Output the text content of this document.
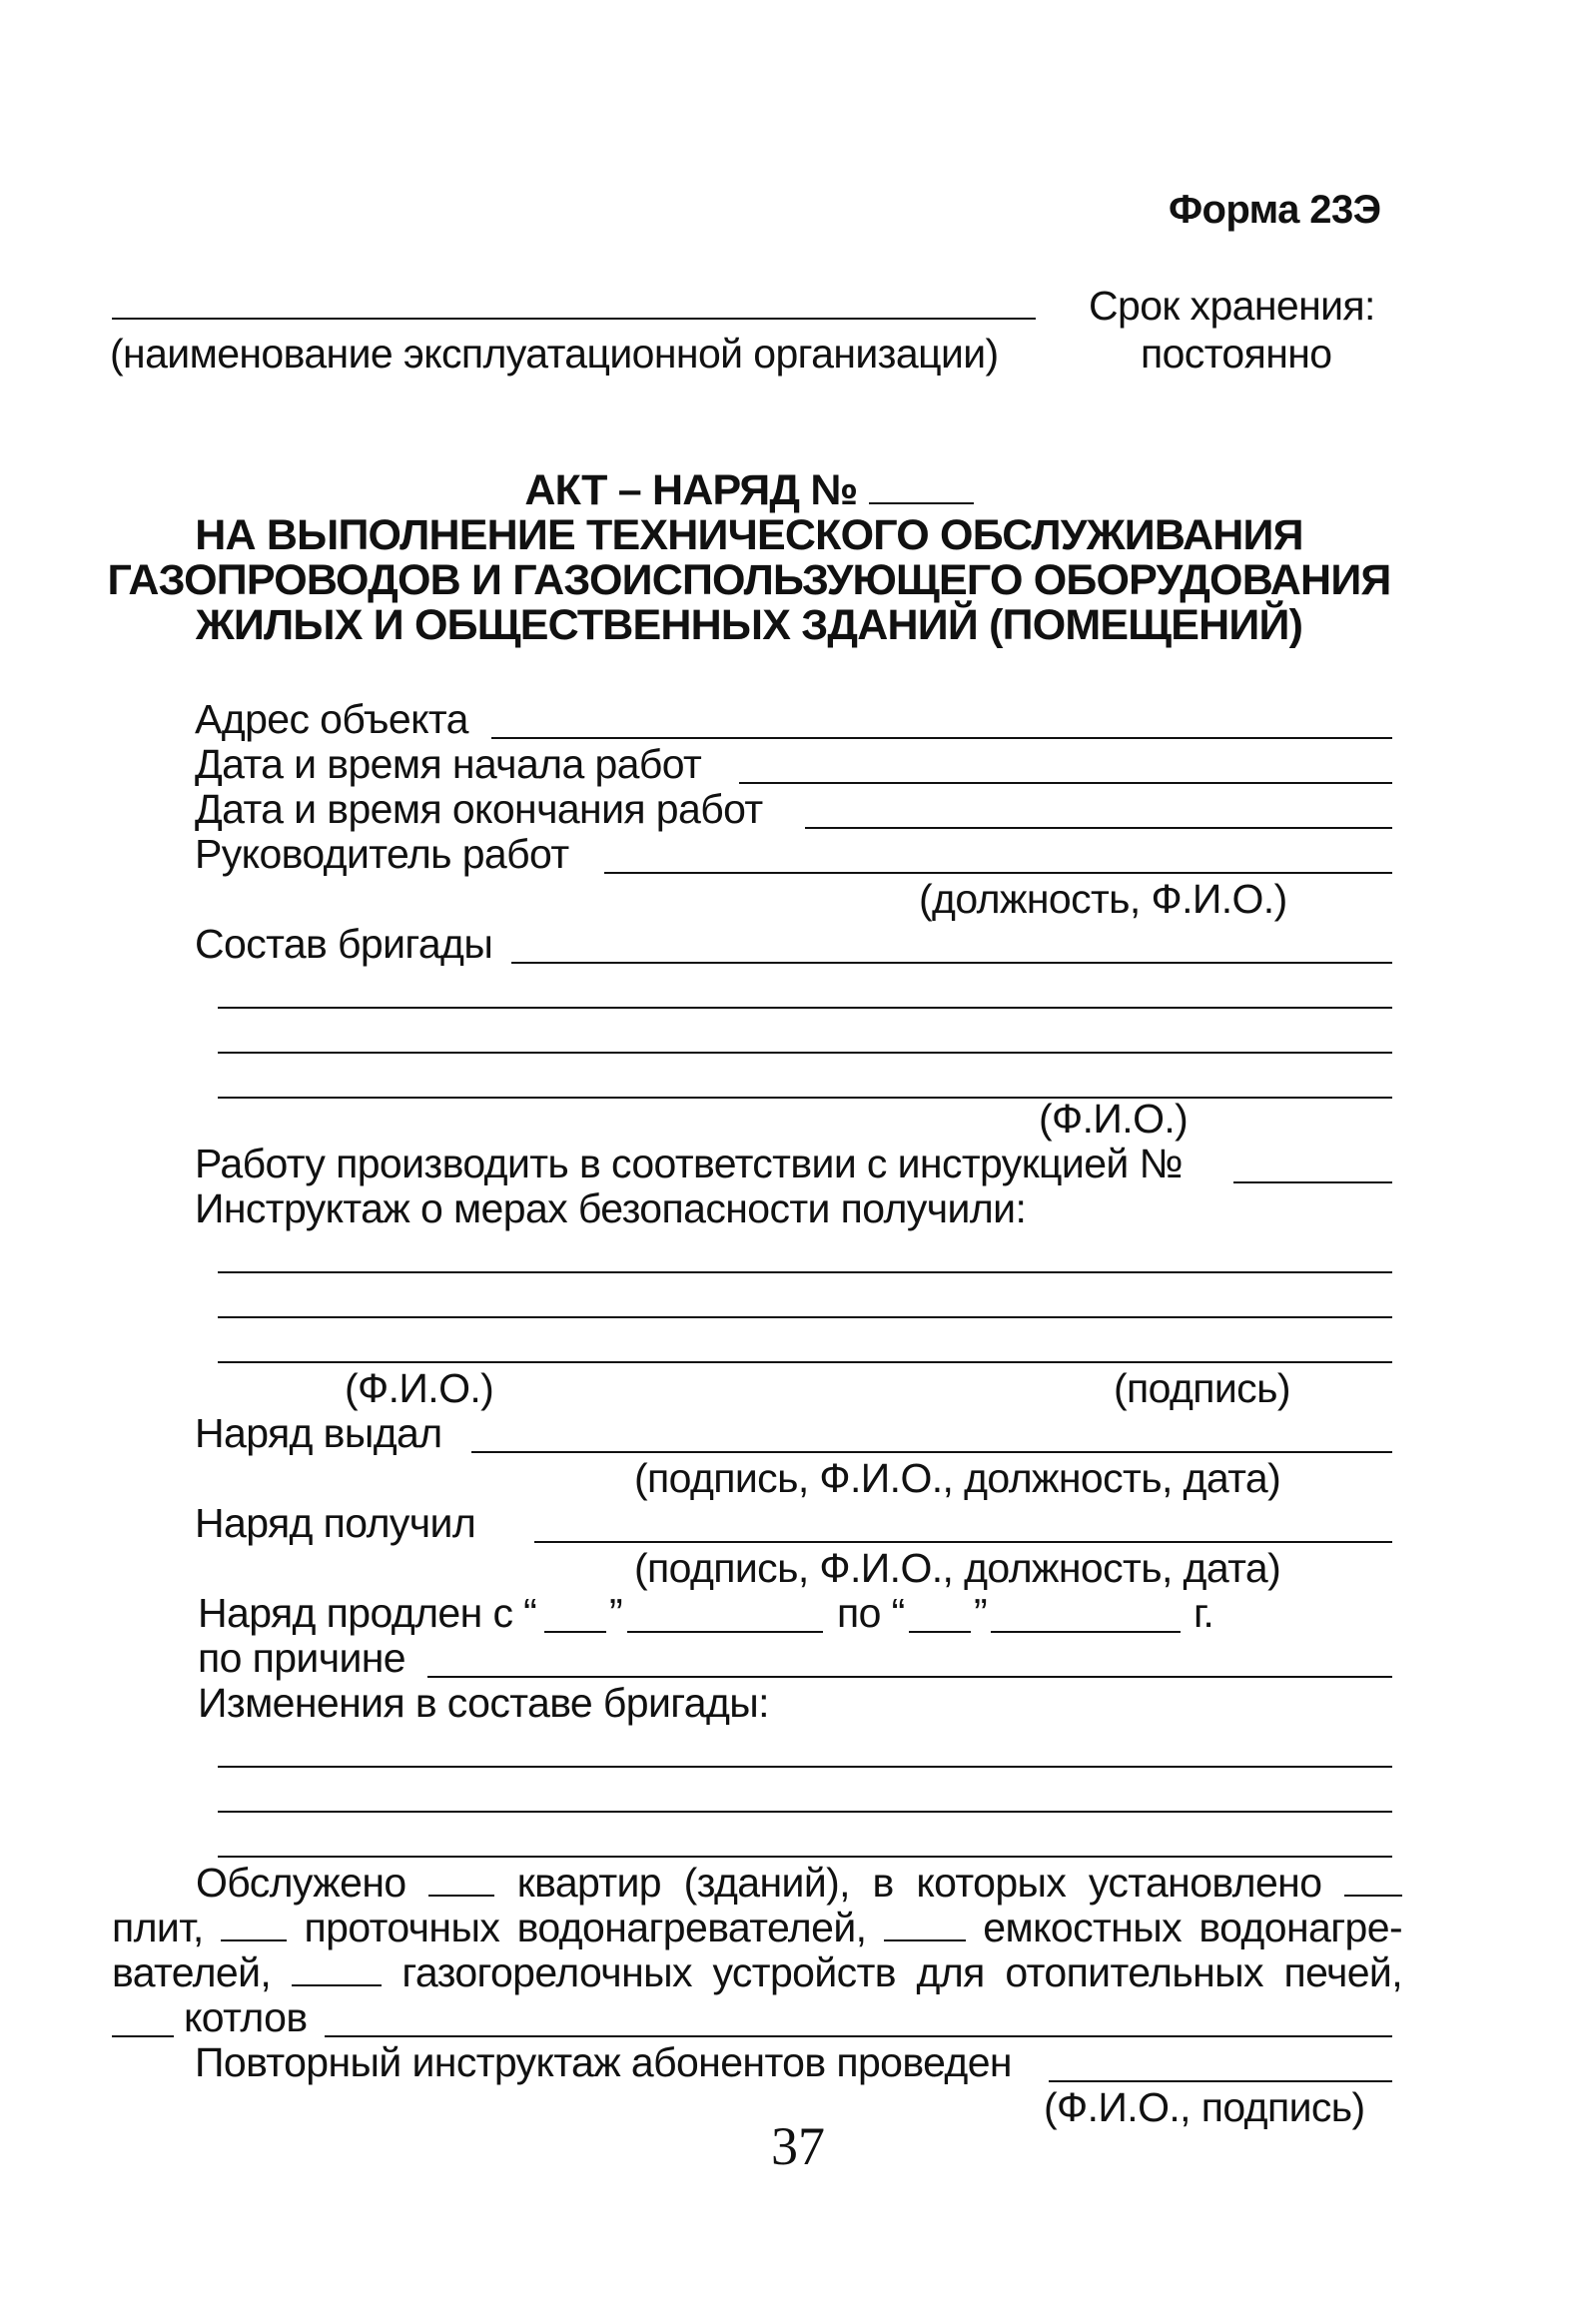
Форма 23Э
(наименование эксплуатационной организации)
Срок хранения:
постоянно
АКТ – НАРЯД №
НА ВЫПОЛНЕНИЕ ТЕХНИЧЕСКОГО ОБСЛУЖИВАНИЯ
ГАЗОПРОВОДОВ И ГАЗОИСПОЛЬЗУЮЩЕГО ОБОРУДОВАНИЯ
ЖИЛЫХ И ОБЩЕСТВЕННЫХ ЗДАНИЙ (ПОМЕЩЕНИЙ)
Адрес объекта
Дата и время начала работ
Дата и время окончания работ
Руководитель работ
(должность, Ф.И.О.)
Состав бригады
(Ф.И.О.)
Работу производить в соответствии с инструкцией №
Инструктаж о мерах безопасности получили:
(Ф.И.О.)	(подпись)
Наряд выдал
(подпись, Ф.И.О., должность, дата)
Наряд получил
(подпись, Ф.И.О., должность, дата)
Наряд продлен с “ ”	по “ ”	г.
по причине
Изменения в составе бригады:
Обслужено	квартир (зданий), в которых установлено
плит, проточных водонагревателей,	емкостных водонагре-
вателей,	газогорелочных устройств для отопительных печей,
котлов
Повторный инструктаж абонентов проведен
(Ф.И.О., подпись)
37
